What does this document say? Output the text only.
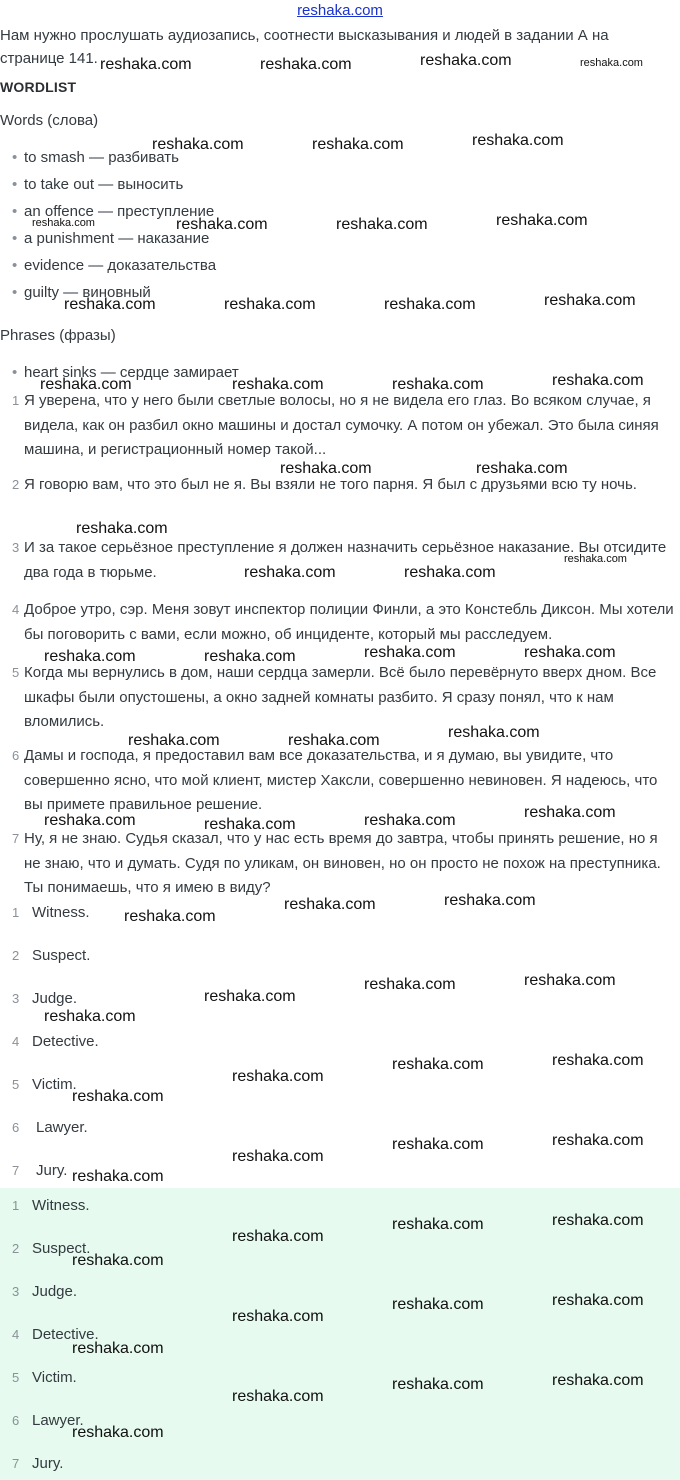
reshaka.com
Нам нужно прослушать аудиозапись, соотнести высказывания и людей в задании А на странице 141.
WORDLIST
Words (слова)
• to smash — разбивать
• to take out — выносить
• an offence — преступление
• a punishment — наказание
• evidence — доказательства
• guilty — виновный
Phrases (фразы)
• heart sinks — сердце замирает
1 Я уверена, что у него были светлые волосы, но я не видела его глаз. Во всяком случае, я видела, как он разбил окно машины и достал сумочку. А потом он убежал. Это была синяя машина, и регистрационный номер такой...
2 Я говорю вам, что это был не я. Вы взяли не того парня. Я был с друзьями всю ту ночь.
3 И за такое серьёзное преступление я должен назначить серьёзное наказание. Вы отсидите два года в тюрьме.
4 Доброе утро, сэр. Меня зовут инспектор полиции Финли, а это Констебль Диксон. Мы хотели бы поговорить с вами, если можно, об инциденте, который мы расследуем.
5 Когда мы вернулись в дом, наши сердца замерли. Всё было перевёрнуто вверх дном. Все шкафы были опустошены, а окно задней комнаты разбито. Я сразу понял, что к нам вломились.
6 Дамы и господа, я предоставил вам все доказательства, и я думаю, вы увидите, что совершенно ясно, что мой клиент, мистер Хаксли, совершенно невиновен. Я надеюсь, что вы примете правильное решение.
7 Ну, я не знаю. Судья сказал, что у нас есть время до завтра, чтобы принять решение, но я не знаю, что и думать. Судя по уликам, он виновен, но он просто не похож на преступника. Ты понимаешь, что я имею в виду?
1 Witness.
2 Suspect.
3 Judge.
4 Detective.
5 Victim.
6 Lawyer.
7 Jury.
1 Witness.
2 Suspect.
3 Judge.
4 Detective.
5 Victim.
6 Lawyer.
7 Jury.
reshaka.com	reshaka.com	reshaka.com	reshaka.com
reshaka.com	reshaka.com	reshaka.com
reshaka.com	reshaka.com	reshaka.com	reshaka.com
reshaka.com	reshaka.com	reshaka.com	reshaka.com
reshaka.com	reshaka.com	reshaka.com	reshaka.com
reshaka.com	reshaka.com
reshaka.com
reshaka.com	reshaka.com
reshaka.com
reshaka.com	reshaka.com	reshaka.com	reshaka.com
reshaka.com	reshaka.com	reshaka.com
reshaka.com	reshaka.com	reshaka.com	reshaka.com
reshaka.com
reshaka.com	reshaka.com
reshaka.com
reshaka.com	reshaka.com
reshaka.com
reshaka.com	reshaka.com
reshaka.com
reshaka.com
reshaka.com	reshaka.com
reshaka.com
reshaka.com
reshaka.com	reshaka.com
reshaka.com
reshaka.com
reshaka.com	reshaka.com
reshaka.com
reshaka.com
reshaka.com	reshaka.com
reshaka.com
reshaka.com
